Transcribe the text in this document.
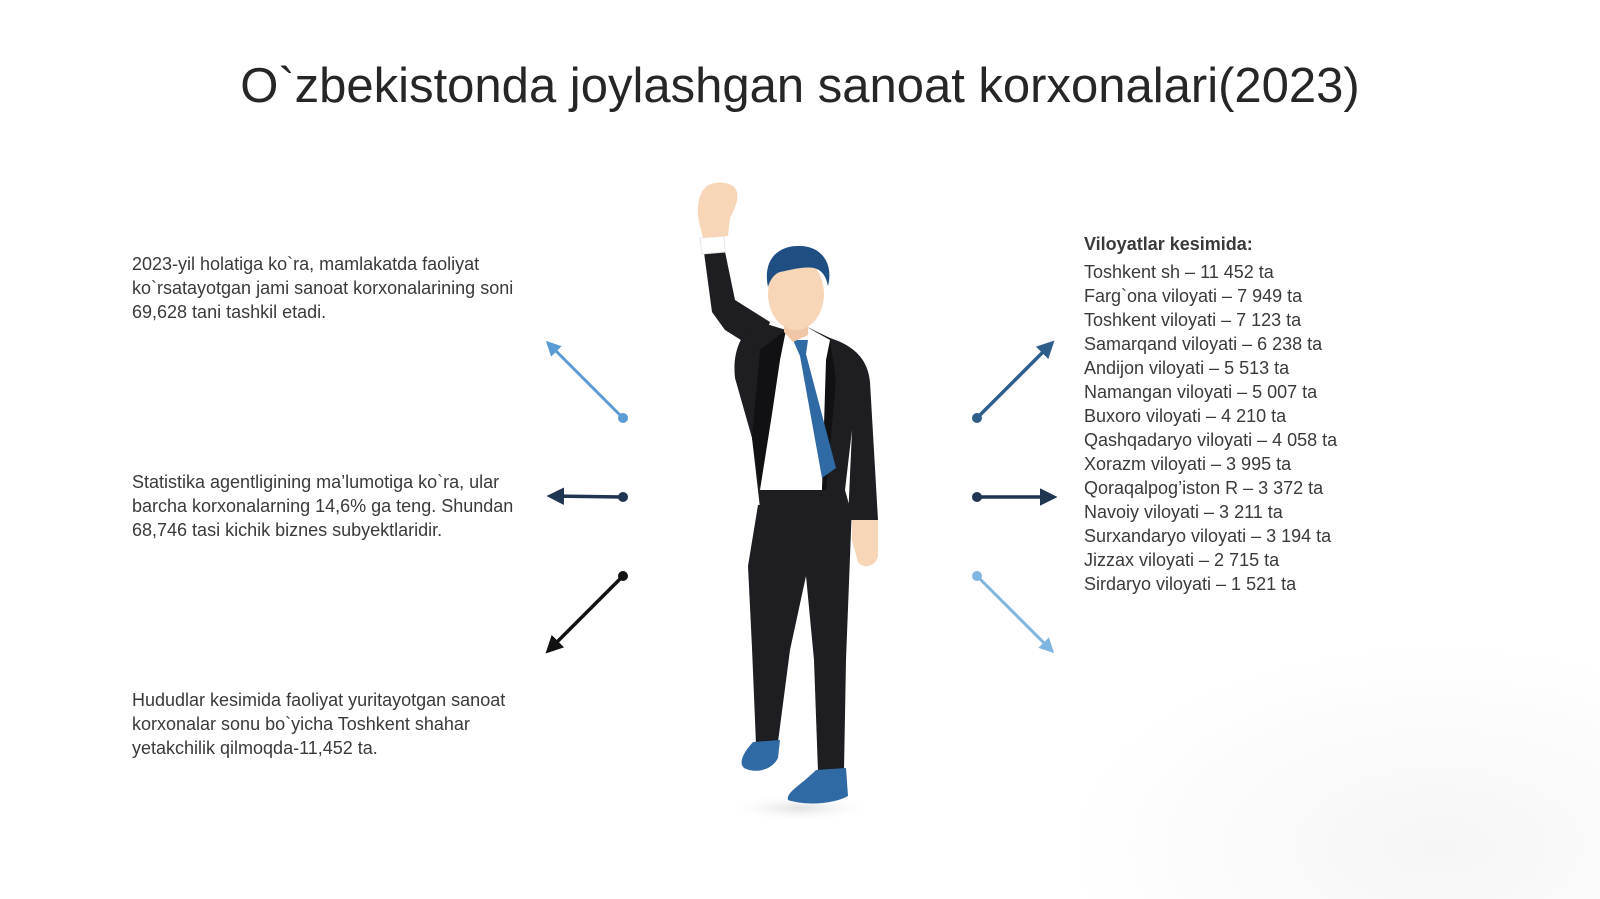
O`zbekistonda joylashgan sanoat korxonalari(2023)
2023-yil holatiga ko`ra, mamlakatda faoliyat ko`rsatayotgan jami sanoat korxonalarining soni 69,628 tani tashkil etadi.
Statistika agentligining ma’lumotiga ko`ra, ular barcha korxonalarning 14,6% ga teng. Shundan 68,746 tasi kichik biznes subyektlaridir.
Hududlar kesimida faoliyat yuritayotgan sanoat korxonalar sonu bo`yicha Toshkent shahar yetakchilik qilmoqda-11,452 ta.
Viloyatlar kesimida:
Toshkent sh – 11 452 ta
Farg`ona viloyati – 7 949 ta
Toshkent viloyati – 7 123 ta
Samarqand viloyati – 6 238 ta
Andijon viloyati – 5 513 ta
Namangan viloyati – 5 007 ta
Buxoro viloyati – 4 210 ta
Qashqadaryo viloyati – 4 058 ta
Xorazm viloyati – 3 995 ta
Qoraqalpog’iston R – 3 372 ta
Navoiy viloyati – 3 211 ta
Surxandaryo viloyati – 3 194 ta
Jizzax viloyati – 2 715 ta
Sirdaryo viloyati – 1 521 ta
